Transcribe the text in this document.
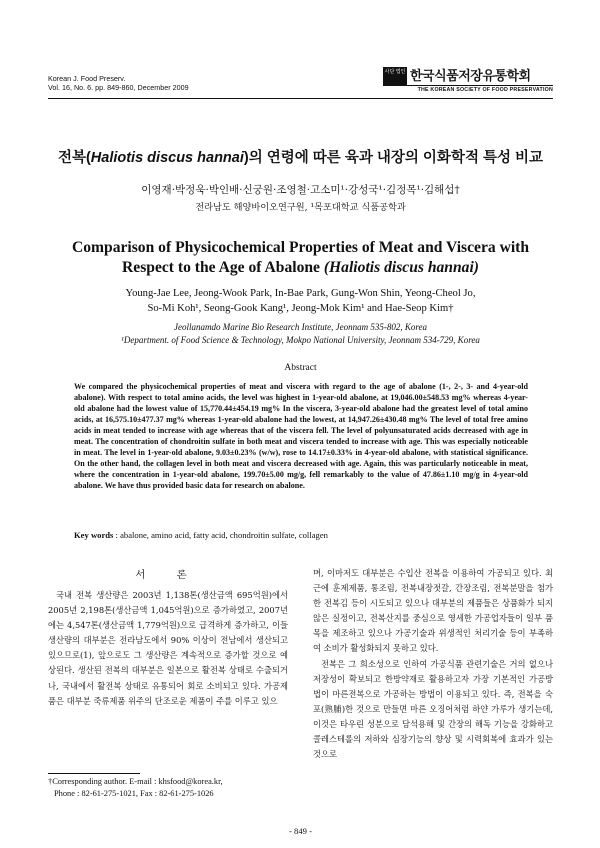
Korean J. Food Preserv.
Vol. 16, No. 6. pp. 849-860, December 2009
사단 법인 한국식품저장유통학회
THE KOREAN SOCIETY OF FOOD PRESERVATION
전복(Haliotis discus hannai)의 연령에 따른 육과 내장의 이화학적 특성 비교
이영재·박정욱·박인배·신궁원·조영철·고소미¹·강성국¹·김정목¹·김해섭†
전라남도 해양바이오연구원, ¹목포대학교 식품공학과
Comparison of Physicochemical Properties of Meat and Viscera with
Respect to the Age of Abalone (Haliotis discus hannai)
Young-Jae Lee, Jeong-Wook Park, In-Bae Park, Gung-Won Shin, Yeong-Cheol Jo,
So-Mi Koh¹, Seong-Gook Kang¹, Jeong-Mok Kim¹ and Hae-Seop Kim†
Jeollanamdo Marine Bio Research Institute, Jeonnam 535-802, Korea
¹Department. of Food Science & Technology, Mokpo National University, Jeonnam 534-729, Korea
Abstract
We compared the physicochemical properties of meat and viscera with regard to the age of abalone (1-, 2-, 3- and 4-year-old abalone). With respect to total amino acids, the level was highest in 1-year-old abalone, at 19,046.00±548.53 mg% whereas 4-year-old abalone had the lowest value of 15,770.44±454.19 mg% In the viscera, 3-year-old abalone had the greatest level of total amino acids, at 16,575.10±477.37 mg% whereas 1-year-old abalone had the lowest, at 14,947.26±430.48 mg% The level of total free amino acids in meat tended to increase with age whereas that of the viscera fell. The level of polyunsaturated acids decreased with age in meat. The concentration of chondroitin sulfate in both meat and viscera tended to increase with age. This was especially noticeable in meat. The level in 1-year-old abalone, 9.03±0.23% (w/w), rose to 14.17±0.33% in 4-year-old abalone, with statistical significance. On the other hand, the collagen level in both meat and viscera decreased with age. Again, this was particularly noticeable in meat, where the concentration in 1-year-old abalone, 199.70±5.00 mg/g, fell remarkably to the value of 47.86±1.10 mg/g in 4-year-old abalone. We have thus provided basic data for research on abalone.
Key words : abalone, amino acid, fatty acid, chondroitin sulfate, collagen
서 론
국내 전복 생산량은 2003년 1,138톤(생산금액 695억원)에서 2005년 2,198톤(생산금액 1,045억원)으로 증가하였고, 2007년에는 4,547톤(생산금액 1,779억원)으로 급격하게 증가하고, 이들 생산량의 대부분은 전라남도에서 90% 이상이 전남에서 생산되고 있으므로(1), 앞으로도 그 생산량은 계속적으로 증가할 것으로 예상된다. 생산된 전복의 대부분은 일본으로 활전복 상태로 수출되거나, 국내에서 활전복 상태로 유통되어 회로 소비되고 있다. 가공제품은 대부분 죽류제품 위주의 단조로운 제품이 주를 이루고 있으
며, 이마저도 대부분은 수입산 전복을 이용하여 가공되고 있다. 최근에 훈제제품, 통조림, 전복내장젓갈, 간장조림, 전복분말을 첨가한 전복김 등이 시도되고 있으나 대부분의 제품들은 상품화가 되지 않은 실정이고, 전복산지를 중심으로 영세한 가공업자들이 일부 품목을 제조하고 있으나 가공기술과 위생적인 처리기술 등이 부족하여 소비가 활성화되지 못하고 있다.
전복은 그 희소성으로 인하여 가공식품 관련기술은 거의 없으나 저장성이 확보되고 한방약재로 활용하고자 가장 기본적인 가공방법이 마른전복으로 가공하는 방법이 이용되고 있다. 즉, 전복을 숙포(熟脯)한 것으로 만들면 마른 오징어처럼 하얀 가루가 생기는데, 이것은 타우린 성분으로 담석용해 및 간장의 해독 기능을 강화하고 콜레스테롤의 저하와 심장기능의 향상 및 시력회복에 효과가 있는 것으로
†Corresponding author. E-mail : khsfood@korea.kr,
Phone : 82-61-275-1021, Fax : 82-61-275-1026
- 849 -
